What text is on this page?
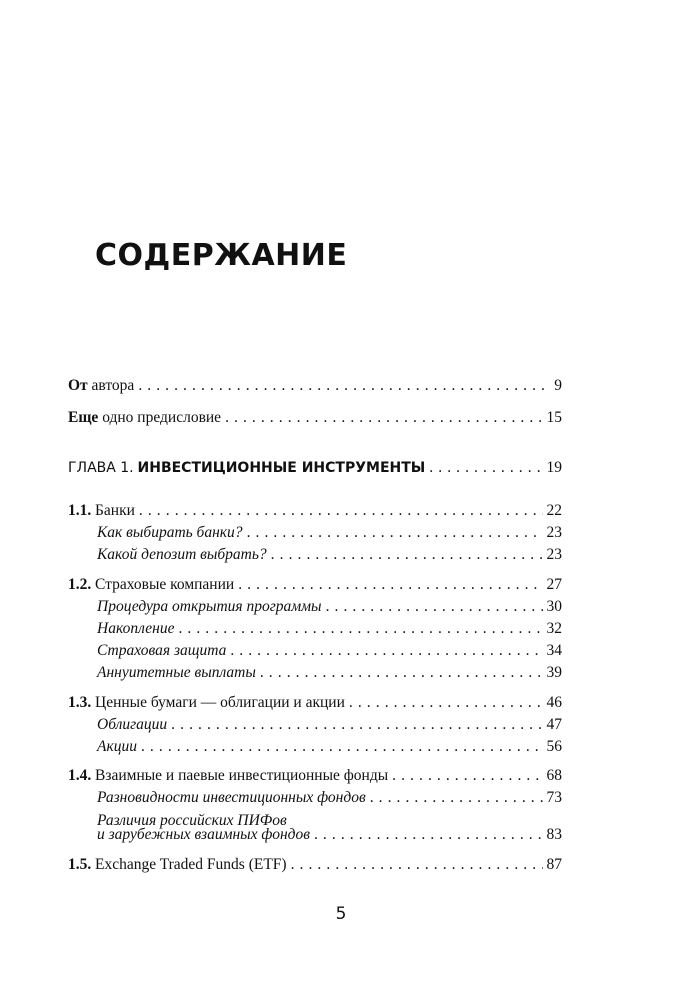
СОДЕРЖАНИЕ
От автора . . .	9
Еще одно предисловие . . .	15
ГЛАВА 1. ИНВЕСТИЦИОННЫЕ ИНСТРУМЕНТЫ . . .	19
1.1. Банки . . .	22
Как выбирать банки? . . .	23
Какой депозит выбрать? . . .	23
1.2. Страховые компании . . .	27
Процедура открытия программы . . .	30
Накопление . . .	32
Страховая защита . . .	34
Аннуитетные выплаты . . .	39
1.3. Ценные бумаги — облигации и акции . . .	46
Облигации . . .	47
Акции . . .	56
1.4. Взаимные и паевые инвестиционные фонды . . .	68
Разновидности инвестиционных фондов . . .	73
Различия российских ПИФов
и зарубежных взаимных фондов . . .	83
1.5. Exchange Traded Funds (ETF) . . .	87
5
